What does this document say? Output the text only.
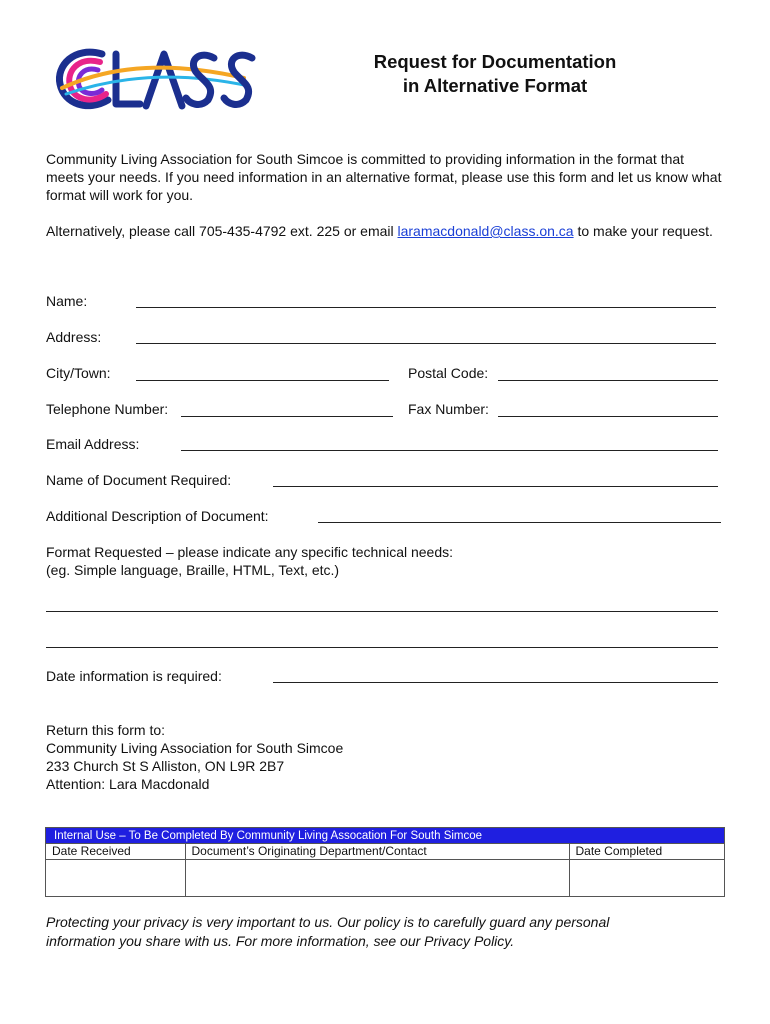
Request for Documentation
in Alternative Format

Community Living Association for South Simcoe is committed to providing information in the format that meets your needs. If you need information in an alternative format, please use this form and let us know what format will work for you.

Alternatively, please call 705-435-4792 ext. 225 or email laramacdonald@class.on.ca to make your request.

Name:
Address:
City/Town:	Postal Code:
Telephone Number:	Fax Number:
Email Address:
Name of Document Required:
Additional Description of Document:
Format Requested – please indicate any specific technical needs:
(eg. Simple language, Braille, HTML, Text, etc.)
Date information is required:
Return this form to:
Community Living Association for South Simcoe
233 Church St S Alliston, ON L9R 2B7
Attention: Lara Macdonald
Internal Use – To Be Completed By Community Living Assocation For South Simcoe
Date Received	Document’s Originating Department/Contact	Date Completed

Protecting your privacy is very important to us. Our policy is to carefully guard any personal
information you share with us. For more information, see our Privacy Policy.
